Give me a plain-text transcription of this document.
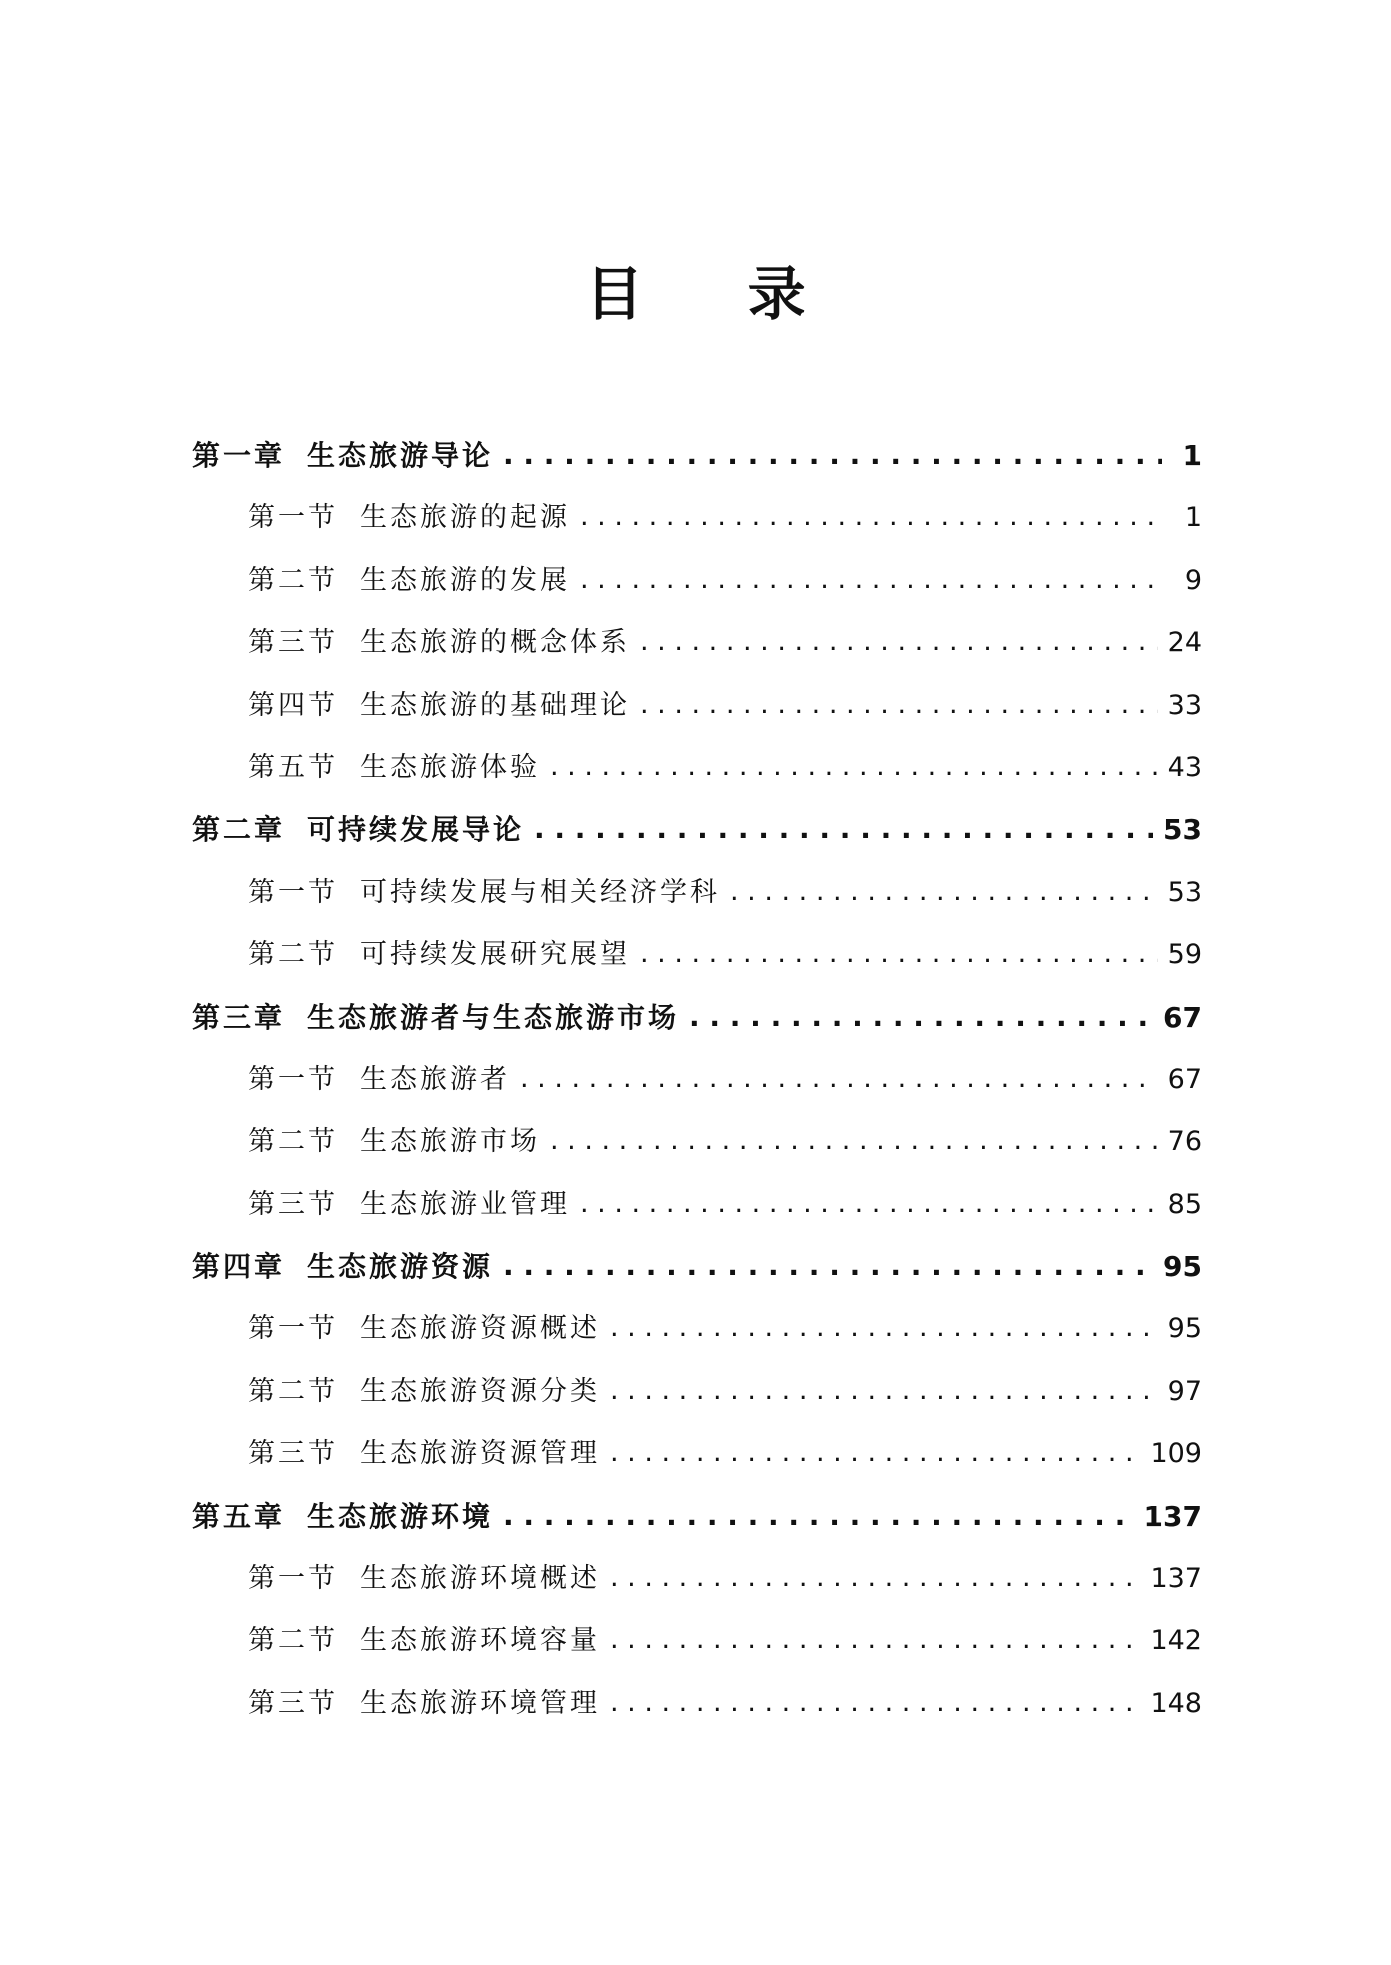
目 录
第一章 生态旅游导论 . . .	1
第一节 生态旅游的起源 . . .	1
第二节 生态旅游的发展 . . .	9
第三节 生态旅游的概念体系 . . .	24
第四节 生态旅游的基础理论 . . .	33
第五节 生态旅游体验 . . .	43
第二章 可持续发展导论 . . .	53
第一节 可持续发展与相关经济学科 . . .	53
第二节 可持续发展研究展望 . . .	59
第三章 生态旅游者与生态旅游市场 . . .	67
第一节 生态旅游者 . . .	67
第二节 生态旅游市场 . . .	76
第三节 生态旅游业管理 . . .	85
第四章 生态旅游资源 . . .	95
第一节 生态旅游资源概述 . . .	95
第二节 生态旅游资源分类 . . .	97
第三节 生态旅游资源管理 . . .	109
第五章 生态旅游环境 . . .	137
第一节 生态旅游环境概述 . . .	137
第二节 生态旅游环境容量 . . .	142
第三节 生态旅游环境管理 . . .	148
